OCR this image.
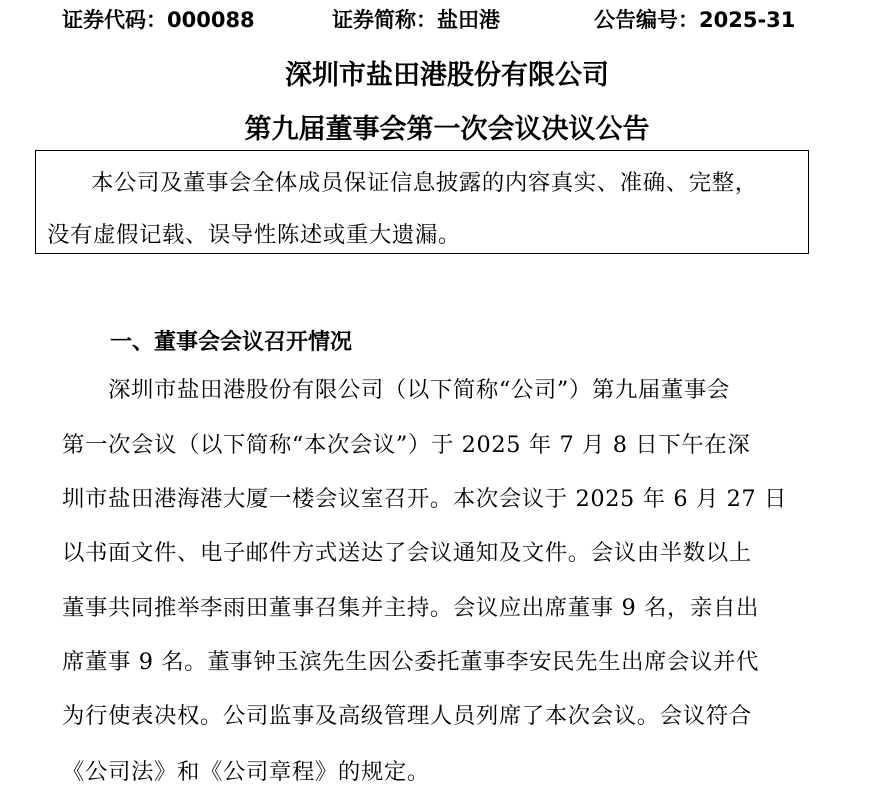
证券代码：000088	证券简称：盐田港	公告编号：2025-31
深圳市盐田港股份有限公司
第九届董事会第一次会议决议公告
本公司及董事会全体成员保证信息披露的内容真实、准确、完整，
没有虚假记载、误导性陈述或重大遗漏。
一、董事会会议召开情况
深圳市盐田港股份有限公司（以下简称“公司”）第九届董事会
第一次会议（以下简称“本次会议”）于 2025 年 7 月 8 日下午在深
圳市盐田港海港大厦一楼会议室召开。本次会议于 2025 年 6 月 27 日
以书面文件、电子邮件方式送达了会议通知及文件。会议由半数以上
董事共同推举李雨田董事召集并主持。会议应出席董事 9 名，亲自出
席董事 9 名。董事钟玉滨先生因公委托董事李安民先生出席会议并代
为行使表决权。公司监事及高级管理人员列席了本次会议。会议符合
《公司法》和《公司章程》的规定。
